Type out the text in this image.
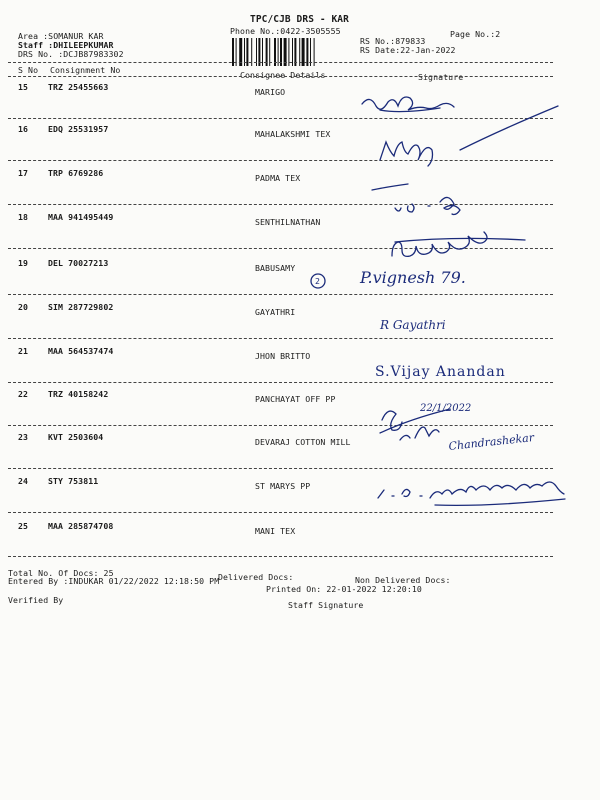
TPC/CJB DRS - KAR
Phone No.:0422-3505555
Area :SOMANUR KAR
Staff :DHILEEPKUMAR
DRS No. :DCJB87983302
RS No.:879833
RS Date:22-Jan-2022
Page No.:2
S No Consignment No	Consignee Details	Signature
15 TRZ 25455663	MARIGO
16 EDQ 25531957	MAHALAKSHMI TEX
17 TRP 6769286	PADMA TEX
18 MAA 941495449	SENTHILNATHAN
19 DEL 70027213	BABUSAMY
20 SIM 287729802	GAYATHRI
21 MAA 564537474	JHON BRITTO
22 TRZ 40158242	PANCHAYAT OFF PP
23 KVT 2503604	DEVARAJ COTTON MILL
24 STY 753811	ST MARYS PP
25 MAA 285874708	MANI TEX
P.vignesh 79.
2
R Gayathri
S.Vijay Anandan
22/1/2022
Chandrashekar
Total No. Of Docs: 25	Delivered Docs:	Non Delivered Docs:
Entered By :INDUKAR 01/22/2022 12:18:50 PM
Printed On: 22-01-2022 12:20:10
Verified By	Staff Signature
